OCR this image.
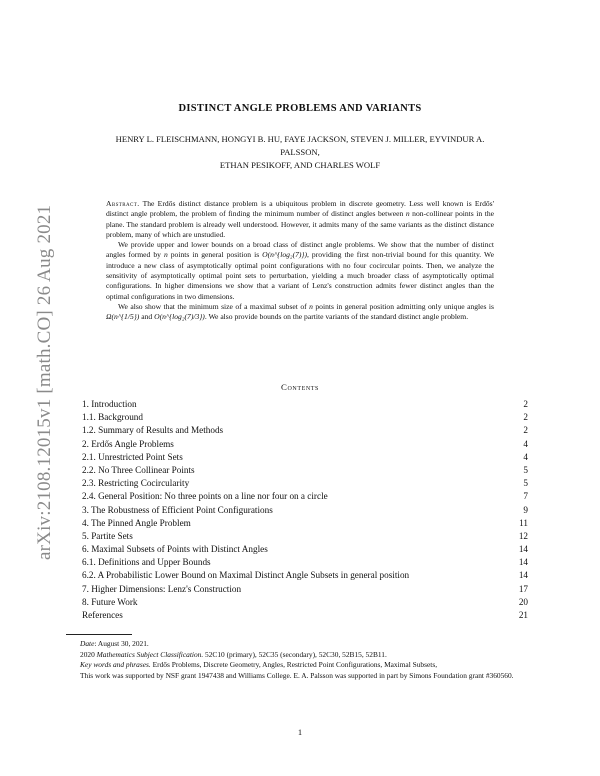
arXiv:2108.12015v1 [math.CO] 26 Aug 2021
DISTINCT ANGLE PROBLEMS AND VARIANTS
HENRY L. FLEISCHMANN, HONGYI B. HU, FAYE JACKSON, STEVEN J. MILLER, EYVINDUR A. PALSSON,
ETHAN PESIKOFF, AND CHARLES WOLF

Abstract. The Erdős distinct distance problem is a ubiquitous problem in discrete geometry. Less well known is Erdős' distinct angle problem, the problem of finding the minimum number of distinct angles between n non-collinear points in the plane. The standard problem is already well understood. However, it admits many of the same variants as the distinct distance problem, many of which are unstudied.

We provide upper and lower bounds on a broad class of distinct angle problems. We show that the number of distinct angles formed by n points in general position is O(n^{log₂(7)}), providing the first non-trivial bound for this quantity. We introduce a new class of asymptotically optimal point configurations with no four cocircular points. Then, we analyze the sensitivity of asymptotically optimal point sets to perturbation, yielding a much broader class of asymptotically optimal configurations. In higher dimensions we show that a variant of Lenz's construction admits fewer distinct angles than the optimal configurations in two dimensions.

We also show that the minimum size of a maximal subset of n points in general position admitting only unique angles is Ω(n^{1/5}) and O(n^{log₂(7)/3}). We also provide bounds on the partite variants of the standard distinct angle problem.

Contents
1. Introduction	2
1.1. Background	2
1.2. Summary of Results and Methods	2
2. Erdős Angle Problems	4
2.1. Unrestricted Point Sets	4
2.2. No Three Collinear Points	5
2.3. Restricting Cocircularity	5
2.4. General Position: No three points on a line nor four on a circle	7
3. The Robustness of Efficient Point Configurations	9
4. The Pinned Angle Problem	11
5. Partite Sets	12
6. Maximal Subsets of Points with Distinct Angles	14
6.1. Definitions and Upper Bounds	14
6.2. A Probabilistic Lower Bound on Maximal Distinct Angle Subsets in general position	14
7. Higher Dimensions: Lenz's Construction	17
8. Future Work	20
References	21

Date: August 30, 2021.

2020 Mathematics Subject Classification. 52C10 (primary), 52C35 (secondary), 52C30, 52B15, 52B11.

Key words and phrases. Erdős Problems, Discrete Geometry, Angles, Restricted Point Configurations, Maximal Subsets,

This work was supported by NSF grant 1947438 and Williams College. E. A. Palsson was supported in part by Simons Foundation grant #360560.

1
